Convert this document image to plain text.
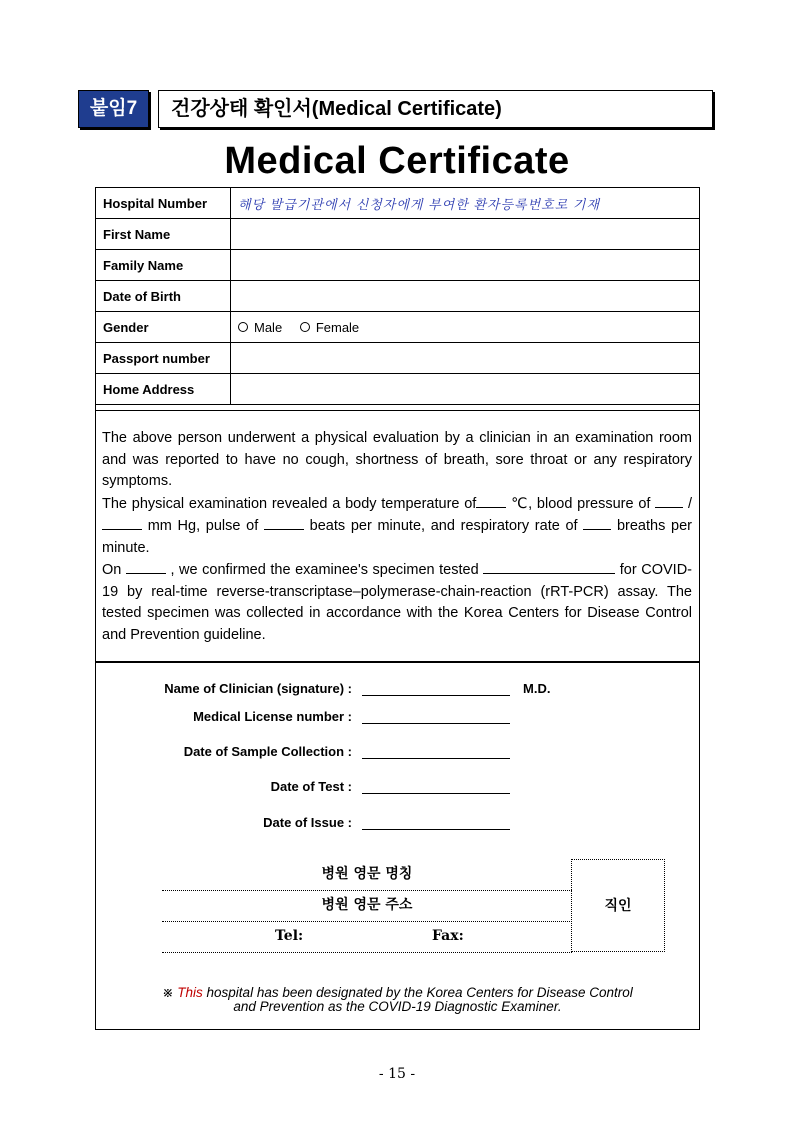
붙임7	건강상태 확인서(Medical Certificate)
Medical Certificate
Hospital Number	해당 발급기관에서 신청자에게 부여한 환자등록번호로 기재
First Name	
Family Name	
Date of Birth	
Gender	Male Female
Passport number	
Home Address	

The above person underwent a physical evaluation by a clinician in an examination room and was reported to have no cough, shortness of breath, sore throat or any respiratory symptoms.

The physical examination revealed a body temperature of ℃, blood pressure of  /  mm Hg, pulse of	beats per minute, and respiratory rate of  breaths per minute.

On	, we confirmed the examinee's specimen tested	for COVID-19 by real-time reverse-transcriptase–polymerase-chain-reaction (rRT-PCR) assay. The tested specimen was collected in accordance with the Korea Centers for Disease Control and Prevention guideline.

Name of Clinician (signature) :	M.D.
Medical License number :
Date of Sample Collection :
Date of Test :
Date of Issue :
병원 영문 명칭
병원 영문 주소
Tel:	Fax:
직인
※ This hospital has been designated by the Korea Centers for Disease Control
and Prevention as the COVID-19 Diagnostic Examiner.
- 15 -
